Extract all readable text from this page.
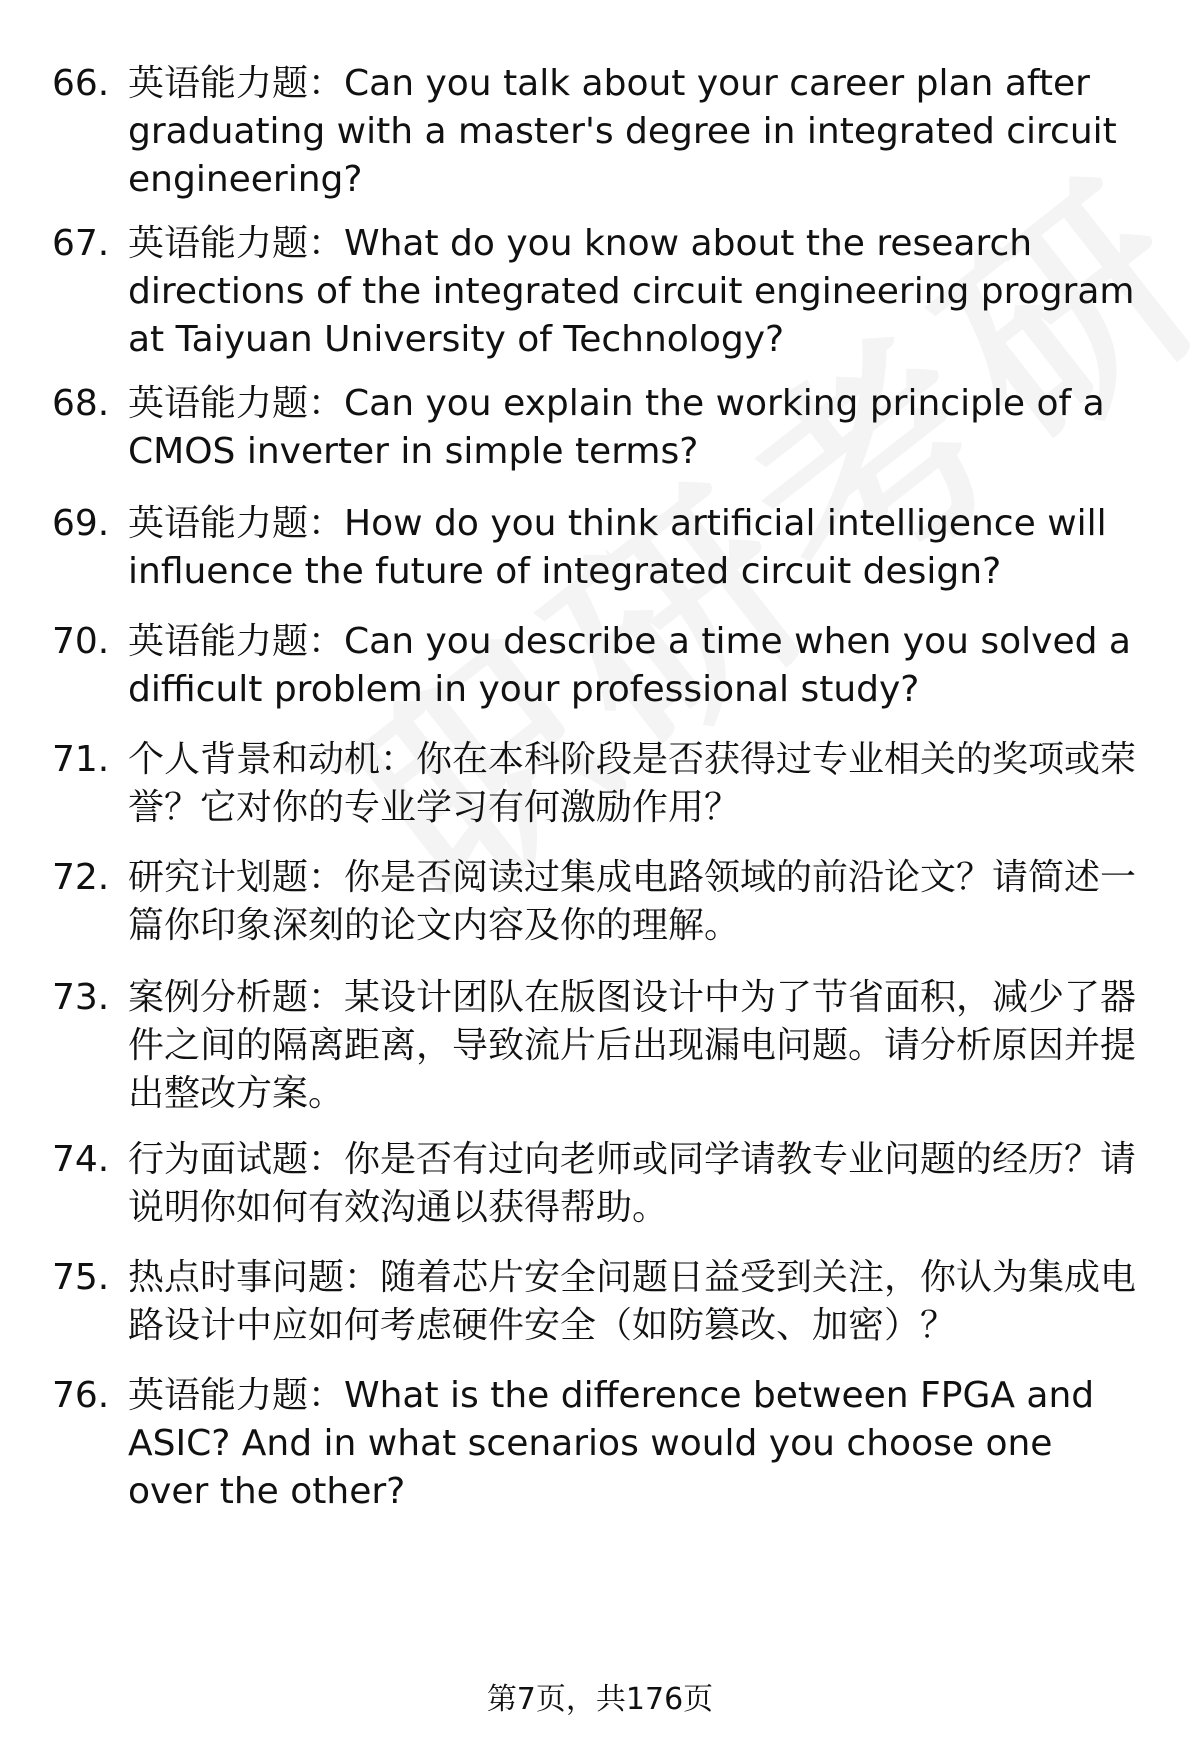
66. 英语能力题：Can you talk about your career plan after graduating with a master's degree in integrated circuit engineering?
67. 英语能力题：What do you know about the research directions of the integrated circuit engineering program at Taiyuan University of Technology?
68. 英语能力题：Can you explain the working principle of a CMOS inverter in simple terms?
69. 英语能力题：How do you think artificial intelligence will influence the future of integrated circuit design?
70. 英语能力题：Can you describe a time when you solved a difficult problem in your professional study?
71. 个人背景和动机：你在本科阶段是否获得过专业相关的奖项或荣誉？它对你的专业学习有何激励作用？
72. 研究计划题：你是否阅读过集成电路领域的前沿论文？请简述一篇你印象深刻的论文内容及你的理解。
73. 案例分析题：某设计团队在版图设计中为了节省面积，减少了器件之间的隔离距离，导致流片后出现漏电问题。请分析原因并提出整改方案。
74. 行为面试题：你是否有过向老师或同学请教专业问题的经历？请说明你如何有效沟通以获得帮助。
75. 热点时事问题：随着芯片安全问题日益受到关注，你认为集成电路设计中应如何考虑硬件安全（如防篡改、加密）？
76. 英语能力题：What is the difference between FPGA and ASIC? And in what scenarios would you choose one over the other?
第7页，共176页
